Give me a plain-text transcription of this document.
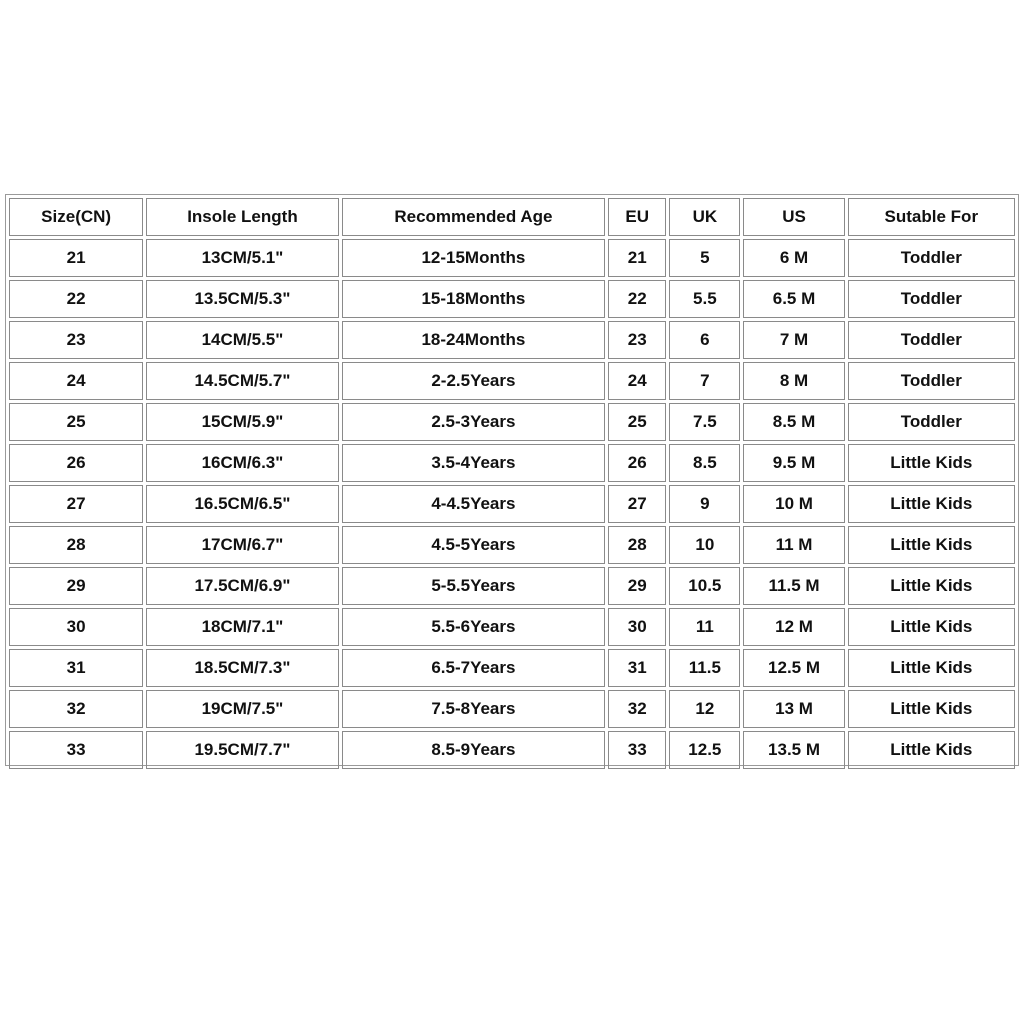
Size(CN)	Insole Length	Recommended Age	EU	UK	US	Sutable For
21	13CM/5.1"	12-15Months	21	5	6 M	Toddler
22	13.5CM/5.3"	15-18Months	22	5.5	6.5 M	Toddler
23	14CM/5.5"	18-24Months	23	6	7 M	Toddler
24	14.5CM/5.7"	2-2.5Years	24	7	8 M	Toddler
25	15CM/5.9"	2.5-3Years	25	7.5	8.5 M	Toddler
26	16CM/6.3"	3.5-4Years	26	8.5	9.5 M	Little Kids
27	16.5CM/6.5"	4-4.5Years	27	9	10 M	Little Kids
28	17CM/6.7"	4.5-5Years	28	10	11 M	Little Kids
29	17.5CM/6.9"	5-5.5Years	29	10.5	11.5 M	Little Kids
30	18CM/7.1"	5.5-6Years	30	11	12 M	Little Kids
31	18.5CM/7.3"	6.5-7Years	31	11.5	12.5 M	Little Kids
32	19CM/7.5"	7.5-8Years	32	12	13 M	Little Kids
33	19.5CM/7.7"	8.5-9Years	33	12.5	13.5 M	Little Kids
